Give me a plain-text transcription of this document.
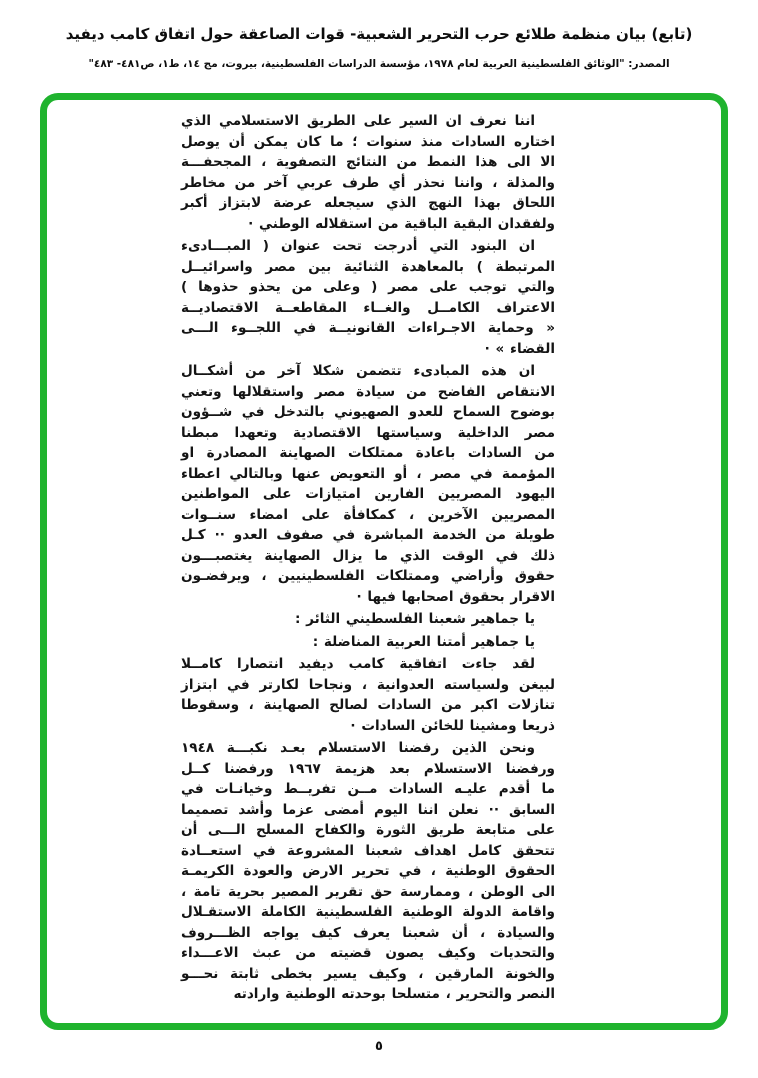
(تابع) بيان منظمة طلائع حرب التحرير الشعبية- قوات الصاعقة حول اتفاق كامب ديفيد
المصدر: "الوثائق الفلسطينية العربية لعام ١٩٧٨، مؤسسة الدراسات الفلسطينية، بيروت، مج ١٤، ط١، ص٤٨١- ٤٨٣"
اننا نعرف ان السير على الطريق الاستسلامي الذي
اختاره السادات منذ سنوات ؛ ما كان يمكن أن يوصل
الا الى هذا النمط من النتائج التصفوية ، المجحفـــة
والمذلة ، واننا نحذر أي طرف عربي آخر من مخاطر
اللحاق بهذا النهج الذي سيجعله عرضة لابتزاز أكبر
ولفقدان البقية الباقية من استقلاله الوطني ·
ان البنود التي أدرجت تحت عنوان ( المبـــادىء
المرتبطة ) بالمعاهدة الثنائية بين مصر واسرائيــل
والتي توجب على مصر ( وعلى من يحذو حذوها )
الاعتراف الكامــل والغــاء المقاطعــة الاقتصاديــة
« وحماية الاجـراءات القانونيــة في اللجــوء الـــى
القضاء » ·
ان هذه المبادىء تتضمن شكلا آخر من أشكــال
الانتقاص الفاضح من سيادة مصر واستقلالها وتعني
بوضوح السماح للعدو الصهيوني بالتدخل في شــؤون
مصر الداخلية وسياستها الاقتصادية وتعهدا مبطنا
من السادات باعادة ممتلكات الصهاينة المصادرة او
المؤممة في مصر ، أو التعويض عنها وبالتالي اعطاء
اليهود المصريين الفارين امتيازات على المواطنين
المصريين الآخرين ، كمكافأة على امضاء سنــوات
طويلة من الخدمة المباشرة في صفوف العدو ·· كـل
ذلك في الوقت الذي ما يزال الصهاينة يغتصبـــون
حقوق وأراضي وممتلكات الفلسطينيين ، ويرفضـون
الاقرار بحقوق اصحابها فيها ·
يا جماهير شعبنا الفلسطيني الثائر :
يا جماهير أمتنا العربية المناضلة :
لقد جاءت اتفاقية كامب ديفيد انتصارا كامــلا
لبيغن ولسياسته العدوانية ، ونجاحا لكارتر في ابتزاز
تنازلات اكبر من السادات لصالح الصهاينة ، وسقوطا
ذريعا ومشينا للخائن السادات ·
ونحن الذين رفضنا الاستسلام بعـد نكبـــة ١٩٤٨
ورفضنا الاستسلام بعد هزيمة ١٩٦٧ ورفضنا كــل
ما أقدم عليـه السادات مــن تفريــط وخيانـات في
السابق ·· نعلن اننا اليوم أمضى عزما وأشد تصميما
على متابعة طريق الثورة والكفاح المسلح الـــى أن
تتحقق كامل اهداف شعبنا المشروعة في استعــادة
الحقوق الوطنية ، في تحرير الارض والعودة الكريمـة
الى الوطن ، وممارسة حق تقرير المصير بحرية تامة ،
واقامة الدولة الوطنية الفلسطينية الكاملة الاستقـلال
والسيادة ، أن شعبنا يعرف كيف يواجه الظـــروف
والتحديات وكيف يصون قضيته من عبث الاعـــداء
والخونة المارقين ، وكيف يسير بخطى ثابتة نحـــو
النصر والتحرير ، متسلحا بوحدته الوطنية وارادته
٥
